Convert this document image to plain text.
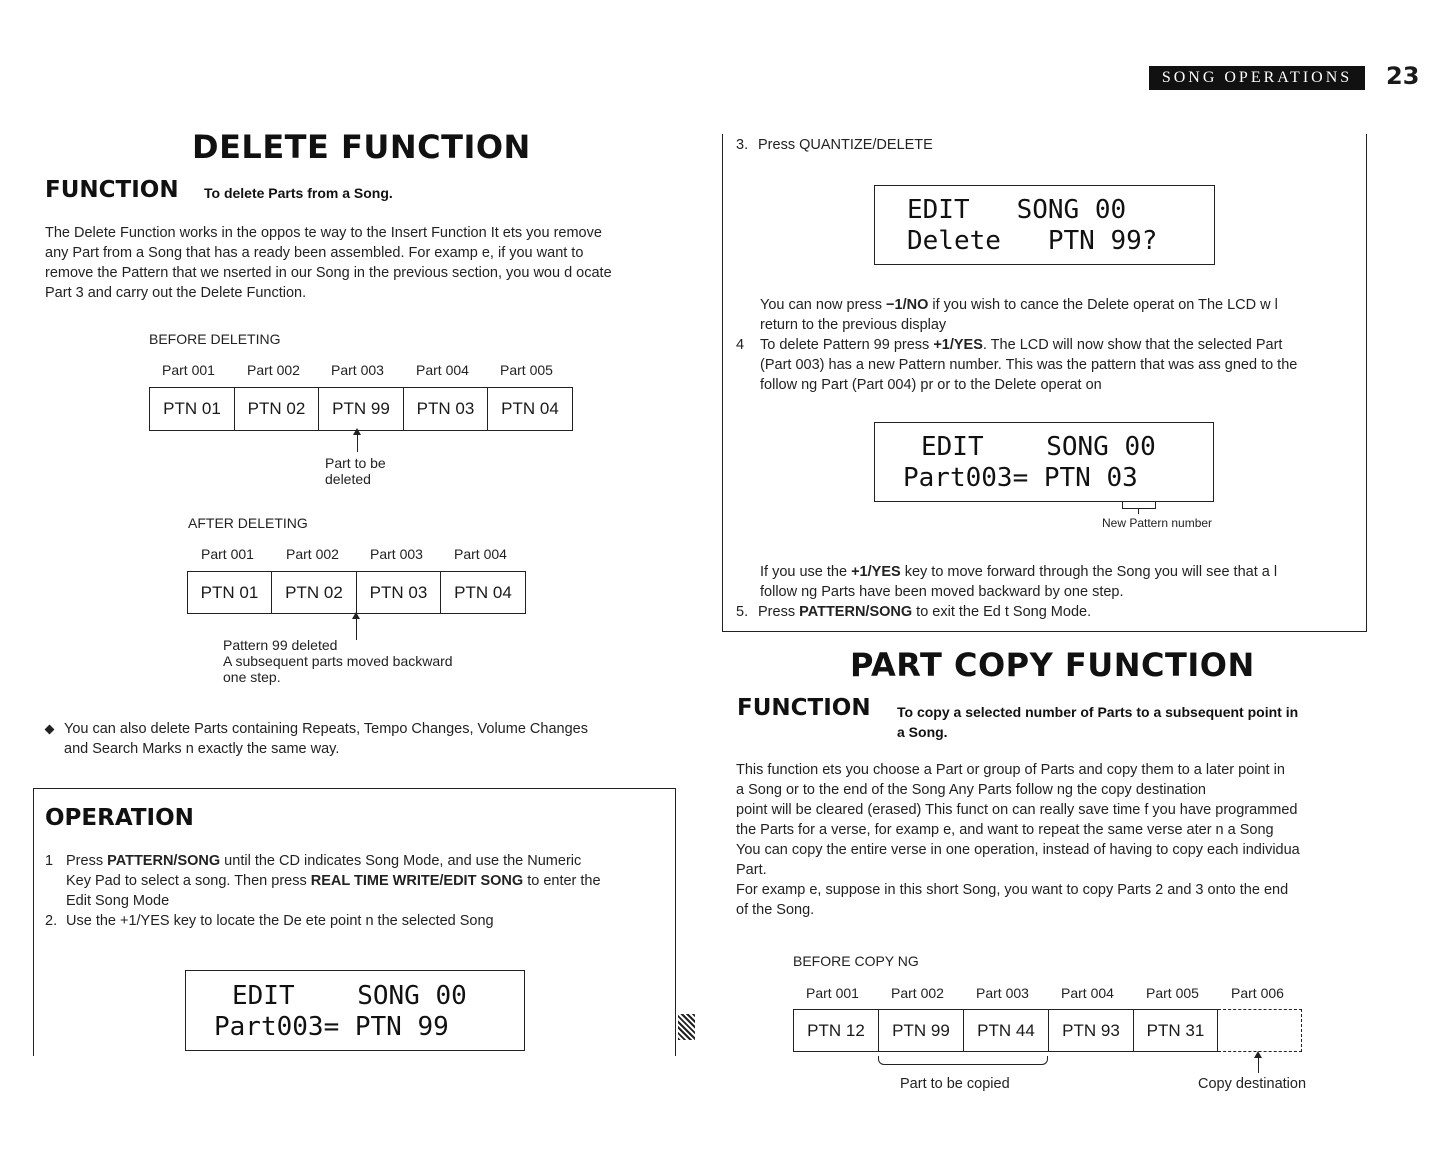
SONG OPERATIONS 23
DELETE FUNCTION
FUNCTION To delete Parts from a Song.

The Delete Function works in the oppos te way to the Insert Function It ets you remove

any Part from a Song that has a ready been assembled. For examp e, if you want to

remove the Pattern that we nserted in our Song in the previous section, you wou d ocate

Part 3 and carry out the Delete Function.

BEFORE DELETING
Part 001 Part 002 Part 003 Part 004 Part 005
PTN 01	PTN 02	PTN 99	PTN 03	PTN 04
Part to be
deleted
AFTER DELETING
Part 001 Part 002 Part 003 Part 004
PTN 01	PTN 02	PTN 03	PTN 04
Pattern 99 deleted
A subsequent parts moved backward
one step.

You can also delete Parts containing Repeats, Tempo Changes, Volume Changes

and Search Marks n exactly the same way.

OPERATION
1 Press PATTERN/SONG until the CD indicates Song Mode, and use the Numeric
Key Pad to select a song. Then press REAL TIME WRITE/EDIT SONG to enter the
Edit Song Mode
2. Use the +1/YES key to locate the De ete point n the selected Song

EDIT    SONG 00

Part003= PTN 99

3. Press QUANTIZE/DELETE

EDIT   SONG 00

Delete   PTN 99?

You can now press −1/NO if you wish to cance the Delete operat on The LCD w l
return to the previous display
4 To delete Pattern 99 press +1/YES. The LCD will now show that the selected Part
(Part 003) has a new Pattern number. This was the pattern that was ass gned to the
follow ng Part (Part 004) pr or to the Delete operat on

EDIT    SONG 00

Part003= PTN 03

New Pattern number
If you use the +1/YES key to move forward through the Song you will see that a l
follow ng Parts have been moved backward by one step.
5. Press PATTERN/SONG to exit the Ed t Song Mode.
PART COPY FUNCTION
FUNCTION To copy a selected number of Parts to a subsequent point in
a Song.

This function ets you choose a Part or group of Parts and copy them to a later point in

a Song or to the end of the Song Any Parts follow ng the copy destination

point will be cleared (erased) This funct on can really save time f you have programmed

the Parts for a verse, for examp e, and want to repeat the same verse ater n a Song

You can copy the entire verse in one operation, instead of having to copy each individua

Part.

For examp e, suppose in this short Song, you want to copy Parts 2 and 3 onto the end

of the Song.

BEFORE COPY NG
Part 001 Part 002 Part 003 Part 004 Part 005 Part 006
PTN 12	PTN 99	PTN 44	PTN 93	PTN 31
Part to be copied	Copy destination
